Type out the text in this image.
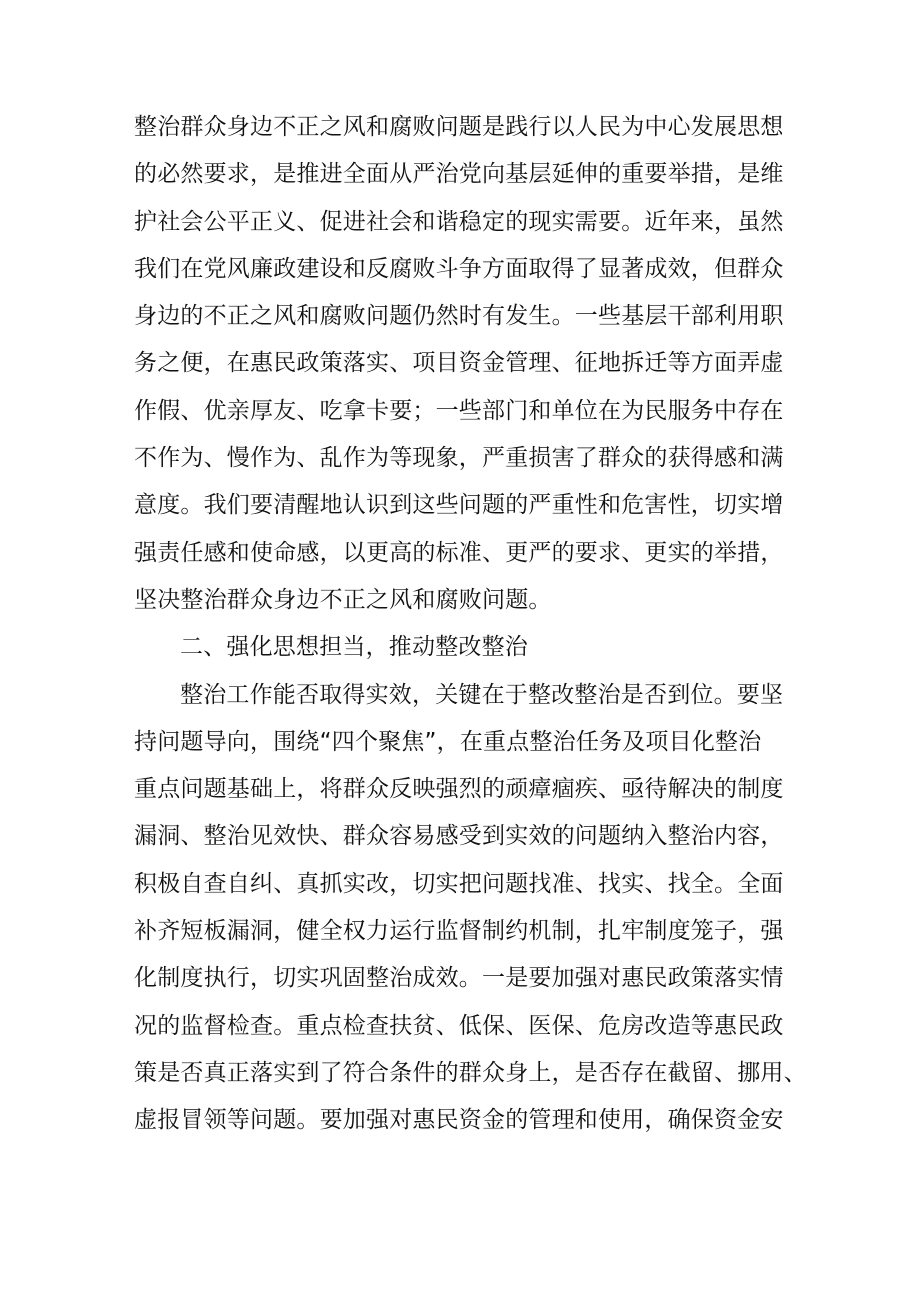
整治群众身边不正之风和腐败问题是践行以人民为中心发展思想
的必然要求，是推进全面从严治党向基层延伸的重要举措，是维
护社会公平正义、促进社会和谐稳定的现实需要。近年来，虽然
我们在党风廉政建设和反腐败斗争方面取得了显著成效，但群众
身边的不正之风和腐败问题仍然时有发生。一些基层干部利用职
务之便，在惠民政策落实、项目资金管理、征地拆迁等方面弄虚
作假、优亲厚友、吃拿卡要；一些部门和单位在为民服务中存在
不作为、慢作为、乱作为等现象，严重损害了群众的获得感和满
意度。我们要清醒地认识到这些问题的严重性和危害性，切实增
强责任感和使命感，以更高的标准、更严的要求、更实的举措，
坚决整治群众身边不正之风和腐败问题。
二、强化思想担当，推动整改整治
整治工作能否取得实效，关键在于整改整治是否到位。要坚
持问题导向，围绕“四个聚焦”，在重点整治任务及项目化整治
重点问题基础上，将群众反映强烈的顽瘴痼疾、亟待解决的制度
漏洞、整治见效快、群众容易感受到实效的问题纳入整治内容，
积极自查自纠、真抓实改，切实把问题找准、找实、找全。全面
补齐短板漏洞，健全权力运行监督制约机制，扎牢制度笼子，强
化制度执行，切实巩固整治成效。一是要加强对惠民政策落实情
况的监督检查。重点检查扶贫、低保、医保、危房改造等惠民政
策是否真正落实到了符合条件的群众身上，是否存在截留、挪用、
虚报冒领等问题。要加强对惠民资金的管理和使用，确保资金安
